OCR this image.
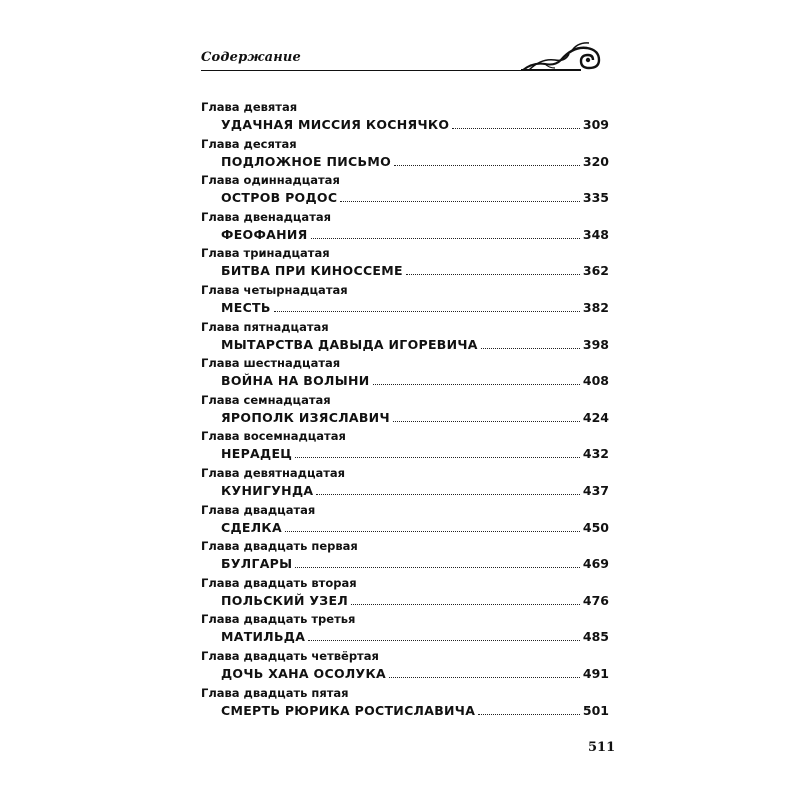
Содержание
Глава девятая
УДАЧНАЯ МИССИЯ КОСНЯЧКО	309
Глава десятая
ПОДЛОЖНОЕ ПИСЬМО	320
Глава одиннадцатая
ОСТРОВ РОДОС	335
Глава двенадцатая
ФЕОФАНИЯ	348
Глава тринадцатая
БИТВА ПРИ КИНОССЕМЕ	362
Глава четырнадцатая
МЕСТЬ	382
Глава пятнадцатая
МЫТАРСТВА ДАВЫДА ИГОРЕВИЧА	398
Глава шестнадцатая
ВОЙНА НА ВОЛЫНИ	408
Глава семнадцатая
ЯРОПОЛК ИЗЯСЛАВИЧ	424
Глава восемнадцатая
НЕРАДЕЦ	432
Глава девятнадцатая
КУНИГУНДА	437
Глава двадцатая
СДЕЛКА	450
Глава двадцать первая
БУЛГАРЫ	469
Глава двадцать вторая
ПОЛЬСКИЙ УЗЕЛ	476
Глава двадцать третья
МАТИЛЬДА	485
Глава двадцать четвёртая
ДОЧЬ ХАНА ОСОЛУКА	491
Глава двадцать пятая
СМЕРТЬ РЮРИКА РОСТИСЛАВИЧА	501
511
